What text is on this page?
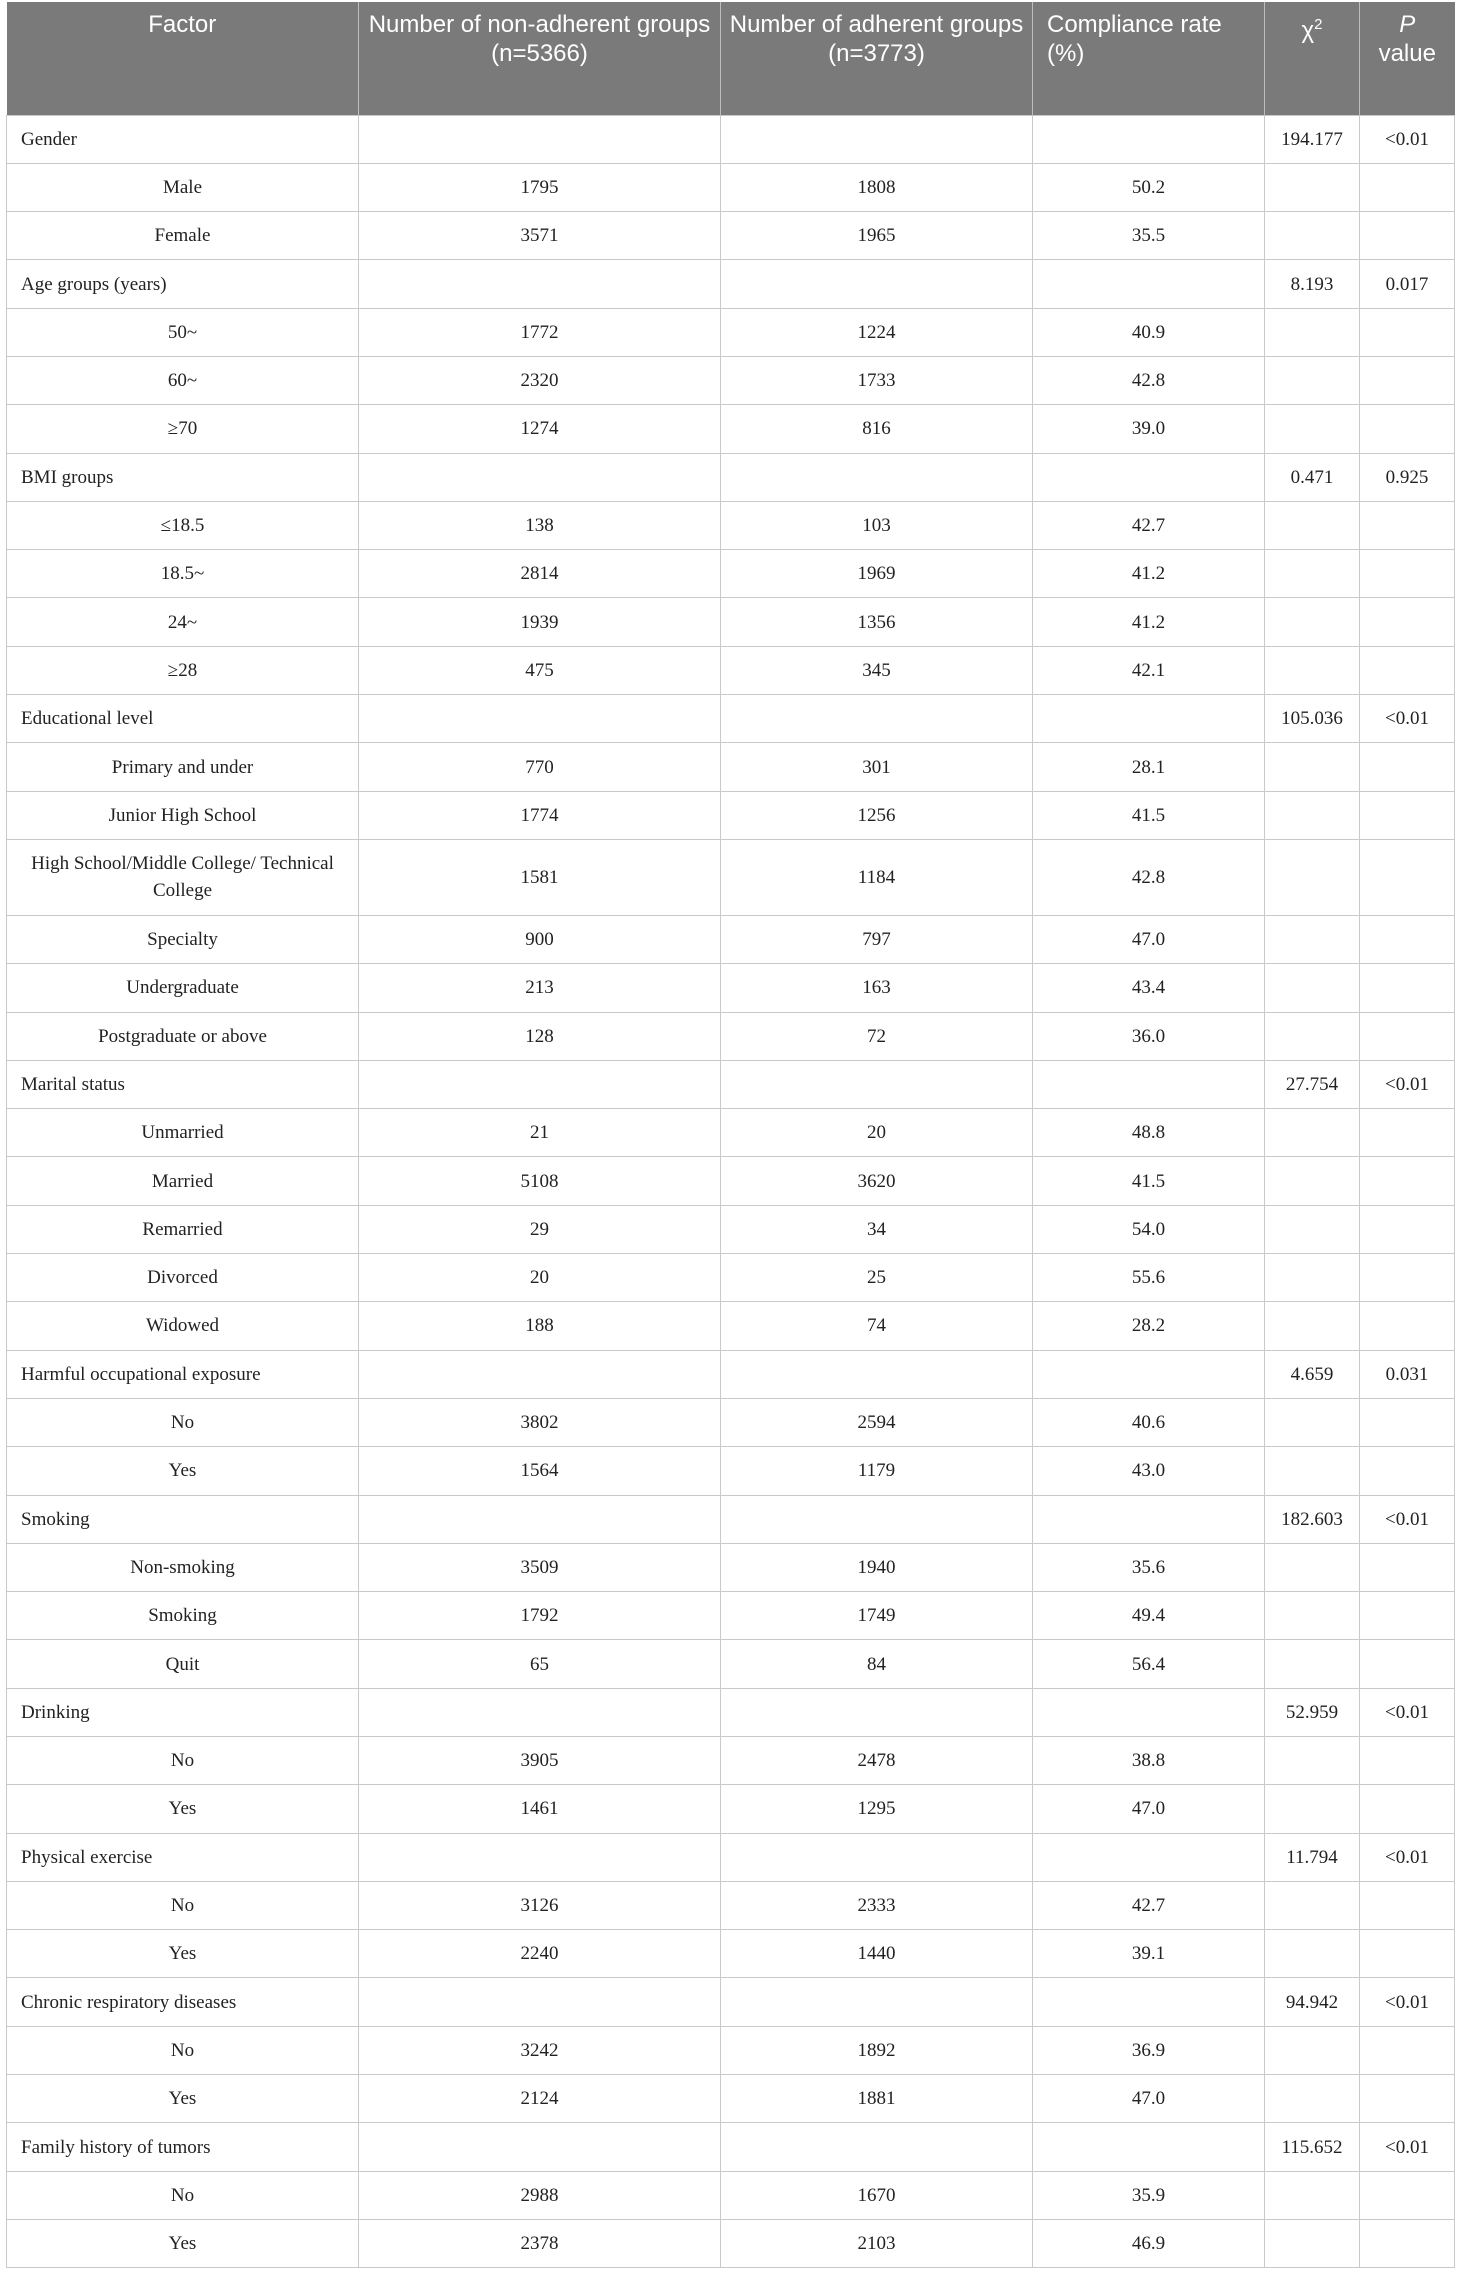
Factor	Number of non-adherent groups (n=5366)	Number of adherent groups (n=3773)	Compliance rate (%)	$\chi^2$	P
value
Gender				194.177	<0.01
Male	1795	1808	50.2		
Female	3571	1965	35.5		
Age groups (years)				8.193	0.017
50~	1772	1224	40.9		
60~	2320	1733	42.8		
≥70	1274	816	39.0		
BMI groups				0.471	0.925
≤18.5	138	103	42.7		
18.5~	2814	1969	41.2		
24~	1939	1356	41.2		
≥28	475	345	42.1		
Educational level				105.036	<0.01
Primary and under	770	301	28.1		
Junior High School	1774	1256	41.5		
High School/Middle College/ Technical College	1581	1184	42.8		
Specialty	900	797	47.0		
Undergraduate	213	163	43.4		
Postgraduate or above	128	72	36.0		
Marital status				27.754	<0.01
Unmarried	21	20	48.8		
Married	5108	3620	41.5		
Remarried	29	34	54.0		
Divorced	20	25	55.6		
Widowed	188	74	28.2		
Harmful occupational exposure				4.659	0.031
No	3802	2594	40.6		
Yes	1564	1179	43.0		
Smoking				182.603	<0.01
Non-smoking	3509	1940	35.6		
Smoking	1792	1749	49.4		
Quit	65	84	56.4		
Drinking				52.959	<0.01
No	3905	2478	38.8		
Yes	1461	1295	47.0		
Physical exercise				11.794	<0.01
No	3126	2333	42.7		
Yes	2240	1440	39.1		
Chronic respiratory diseases				94.942	<0.01
No	3242	1892	36.9		
Yes	2124	1881	47.0		
Family history of tumors				115.652	<0.01
No	2988	1670	35.9		
Yes	2378	2103	46.9		
